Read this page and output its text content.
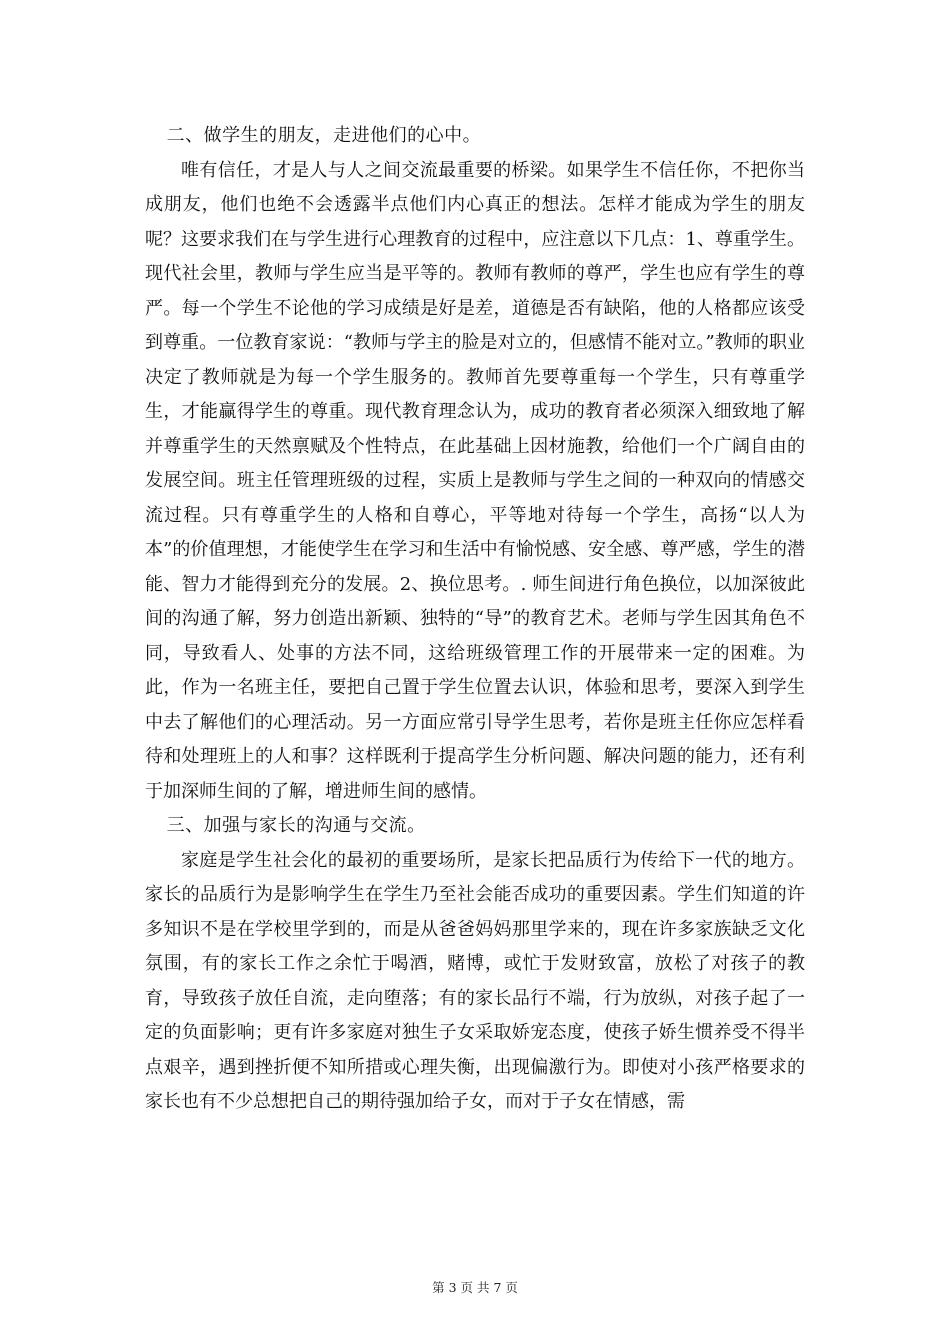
二、做学生的朋友，走进他们的心中。

唯有信任，才是人与人之间交流最重要的桥梁。如果学生不信任你，不把你当成朋友，他们也绝不会透露半点他们内心真正的想法。怎样才能成为学生的朋友呢？这要求我们在与学生进行心理教育的过程中，应注意以下几点：1、尊重学生。现代社会里，教师与学生应当是平等的。教师有教师的尊严，学生也应有学生的尊严。每一个学生不论他的学习成绩是好是差，道德是否有缺陷，他的人格都应该受到尊重。一位教育家说：“教师与学主的脸是对立的，但感情不能对立。”教师的职业决定了教师就是为每一个学生服务的。教师首先要尊重每一个学生，只有尊重学生，才能赢得学生的尊重。现代教育理念认为，成功的教育者必须深入细致地了解并尊重学生的天然禀赋及个性特点，在此基础上因材施教，给他们一个广阔自由的发展空间。班主任管理班级的过程，实质上是教师与学生之间的一种双向的情感交流过程。只有尊重学生的人格和自尊心，平等地对待每一个学生，高扬“以人为本”的价值理想，才能使学生在学习和生活中有愉悦感、安全感、尊严感，学生的潜能、智力才能得到充分的发展。2、换位思考。. 师生间进行角色换位，以加深彼此间的沟通了解，努力创造出新颖、独特的“导”的教育艺术。老师与学生因其角色不同，导致看人、处事的方法不同，这给班级管理工作的开展带来一定的困难。为此，作为一名班主任，要把自己置于学生位置去认识，体验和思考，要深入到学生中去了解他们的心理活动。另一方面应常引导学生思考，若你是班主任你应怎样看待和处理班上的人和事？这样既利于提高学生分析问题、解决问题的能力，还有利于加深师生间的了解，增进师生间的感情。

三、加强与家长的沟通与交流。

家庭是学生社会化的最初的重要场所，是家长把品质行为传给下一代的地方。家长的品质行为是影响学生在学生乃至社会能否成功的重要因素。学生们知道的许多知识不是在学校里学到的，而是从爸爸妈妈那里学来的，现在许多家族缺乏文化氛围，有的家长工作之余忙于喝酒，赌博，或忙于发财致富，放松了对孩子的教育，导致孩子放任自流，走向堕落；有的家长品行不端，行为放纵，对孩子起了一定的负面影响；更有许多家庭对独生子女采取娇宠态度，使孩子娇生惯养受不得半点艰辛，遇到挫折便不知所措或心理失衡，出现偏激行为。即使对小孩严格要求的家长也有不少总想把自己的期待强加给子女，而对于子女在情感，需

第 3 页 共 7 页
